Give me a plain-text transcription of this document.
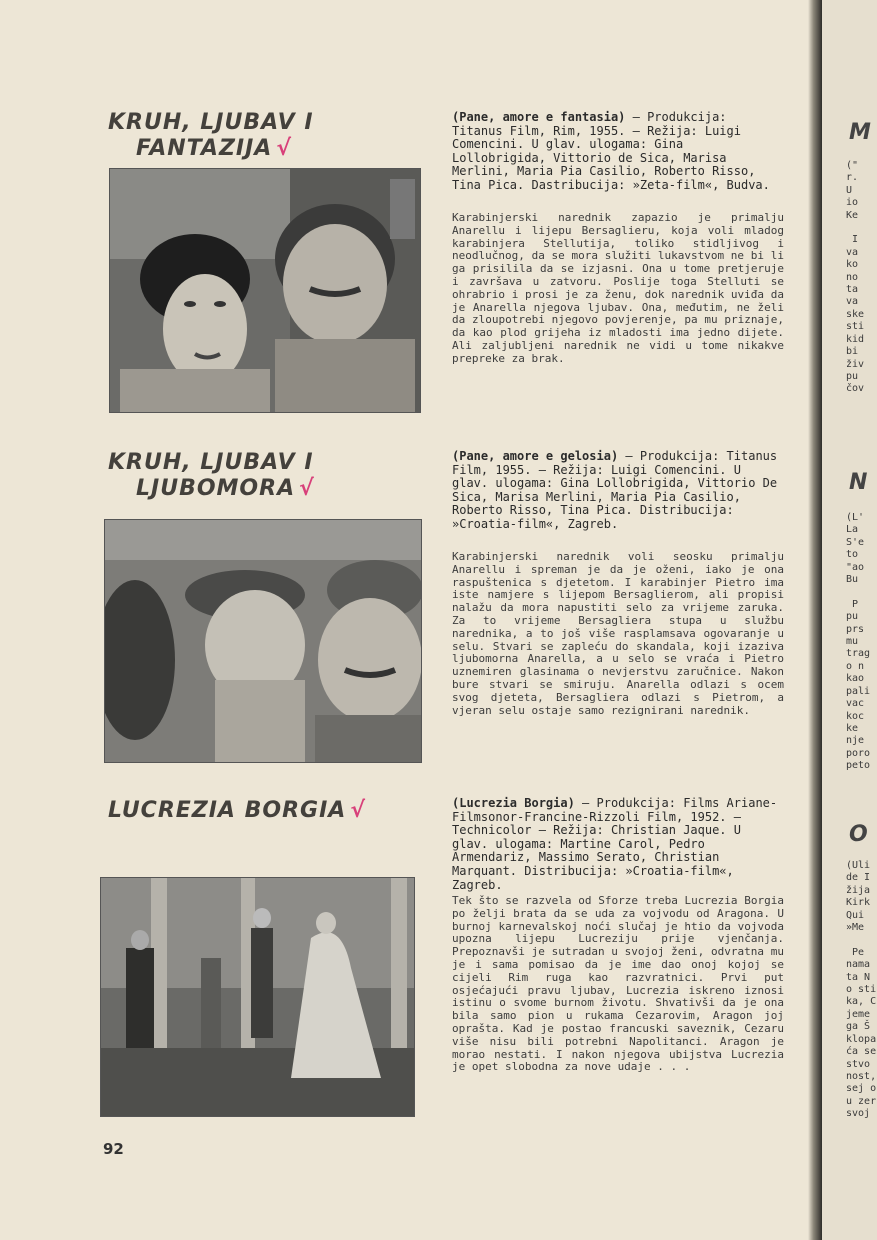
KRUH, LJUBAV I
FANTAZIJA √

(Pane, amore e fantasia) — Produkcija: Titanus Film, Rim, 1955. — Režija: Luigi Comencini. U glav. ulogama: Gina Lollobrigida, Vittorio de Sica, Marisa Merlini, Maria Pia Casilio, Roberto Risso, Tina Pica. Dastribucija: »Zeta-film«, Budva.

Karabinjerski narednik zapazio je primalju Anarellu i lijepu Bersaglieru, koja voli mladog karabinjera Stellutija, toliko stidljivog i neodlučnog, da se mora služiti lukavstvom ne bi li ga prisilila da se izjasni. Ona u tome pretjeruje i završava u zatvoru. Poslije toga Stelluti se ohrabrio i prosi je za ženu, dok narednik uviđa da je Anarella njegova ljubav. Ona, međutim, ne želi da zloupotrebi njegovo povjerenje, pa mu priznaje, da kao plod grijeha iz mladosti ima jedno dijete. Ali zaljubljeni narednik ne vidi u tome nikakve prepreke za brak.

KRUH, LJUBAV I
LJUBOMORA √

(Pane, amore e gelosia) — Produkcija: Titanus Film, 1955. — Režija: Luigi Comencini. U glav. ulogama: Gina Lollobrigida, Vittorio De Sica, Marisa Merlini, Maria Pia Casilio, Roberto Risso, Tina Pica. Distribucija: »Croatia-film«, Zagreb.

Karabinjerski narednik voli seosku primalju Anarellu i spreman je da je oženi, iako je ona raspuštenica s djetetom. I karabinjer Pietro ima iste namjere s lijepom Bersaglierom, ali propisi nalažu da mora napustiti selo za vrijeme zaruka. Za to vrijeme Bersagliera stupa u službu narednika, a to još više rasplamsava ogovaranje u selu. Stvari se zapleću do skandala, koji izaziva ljubomorna Anarella, a u selo se vraća i Pietro uznemiren glasinama o nevjerstvu zaručnice. Nakon bure stvari se smiruju. Anarella odlazi s ocem svog djeteta, Bersagliera odlazi s Pietrom, a vjeran selu ostaje samo rezignirani narednik.

LUCREZIA BORGIA √	(Lucrezia Borgia) — Produkcija: Films Ariane-Filmsonor-Francine-Rizzoli Film, 1952. — Technicolor — Režija: Christian Jaque. U glav. ulogama: Martine Carol, Pedro Armendariz, Massimo Serato, Christian Marquant. Distribucija: »Croatia-film«, Zagreb.

Tek što se razvela od Sforze treba Lucrezia Borgia po želji brata da se uda za vojvodu od Aragona. U burnoj karnevalskoj noći slučaj je htio da vojvoda upozna lijepu Lucreziju prije vjenčanja. Prepoznavši je sutradan u svojoj ženi, odvratna mu je i sama pomisao da je ime dao onoj kojoj se cijeli Rim ruga kao razvratnici. Prvi put osjećajući pravu ljubav, Lucrezia iskreno iznosi istinu o svome burnom životu. Shvativši da je ona bila samo pion u rukama Cezarovim, Aragon joj oprašta. Kad je postao francuski saveznik, Cezaru više nisu bili potrebni Napolitanci. Aragon je morao nestati. I nakon njegova ubijstva Lucrezia je opet slobodna za nove udaje . . .

92
M
("
r.
U
io
Ke

I
va
ko
no
ta
va
ske
sti
kid
bi
živ
pu
čov
N
(L'
La
S'e
to
"ao
Bu

P
pu
prs
mu
trag
o n
kao
pali
vac
koc
ke
nje
poro
peto
O
(Uli
de I
žija
Kirk
Qui
»Me

Pe
nama
ta N
o sti
ka, C
jeme
ga Š
klopa
ća se
stvo
nost,
sej o
u zer
svoj
